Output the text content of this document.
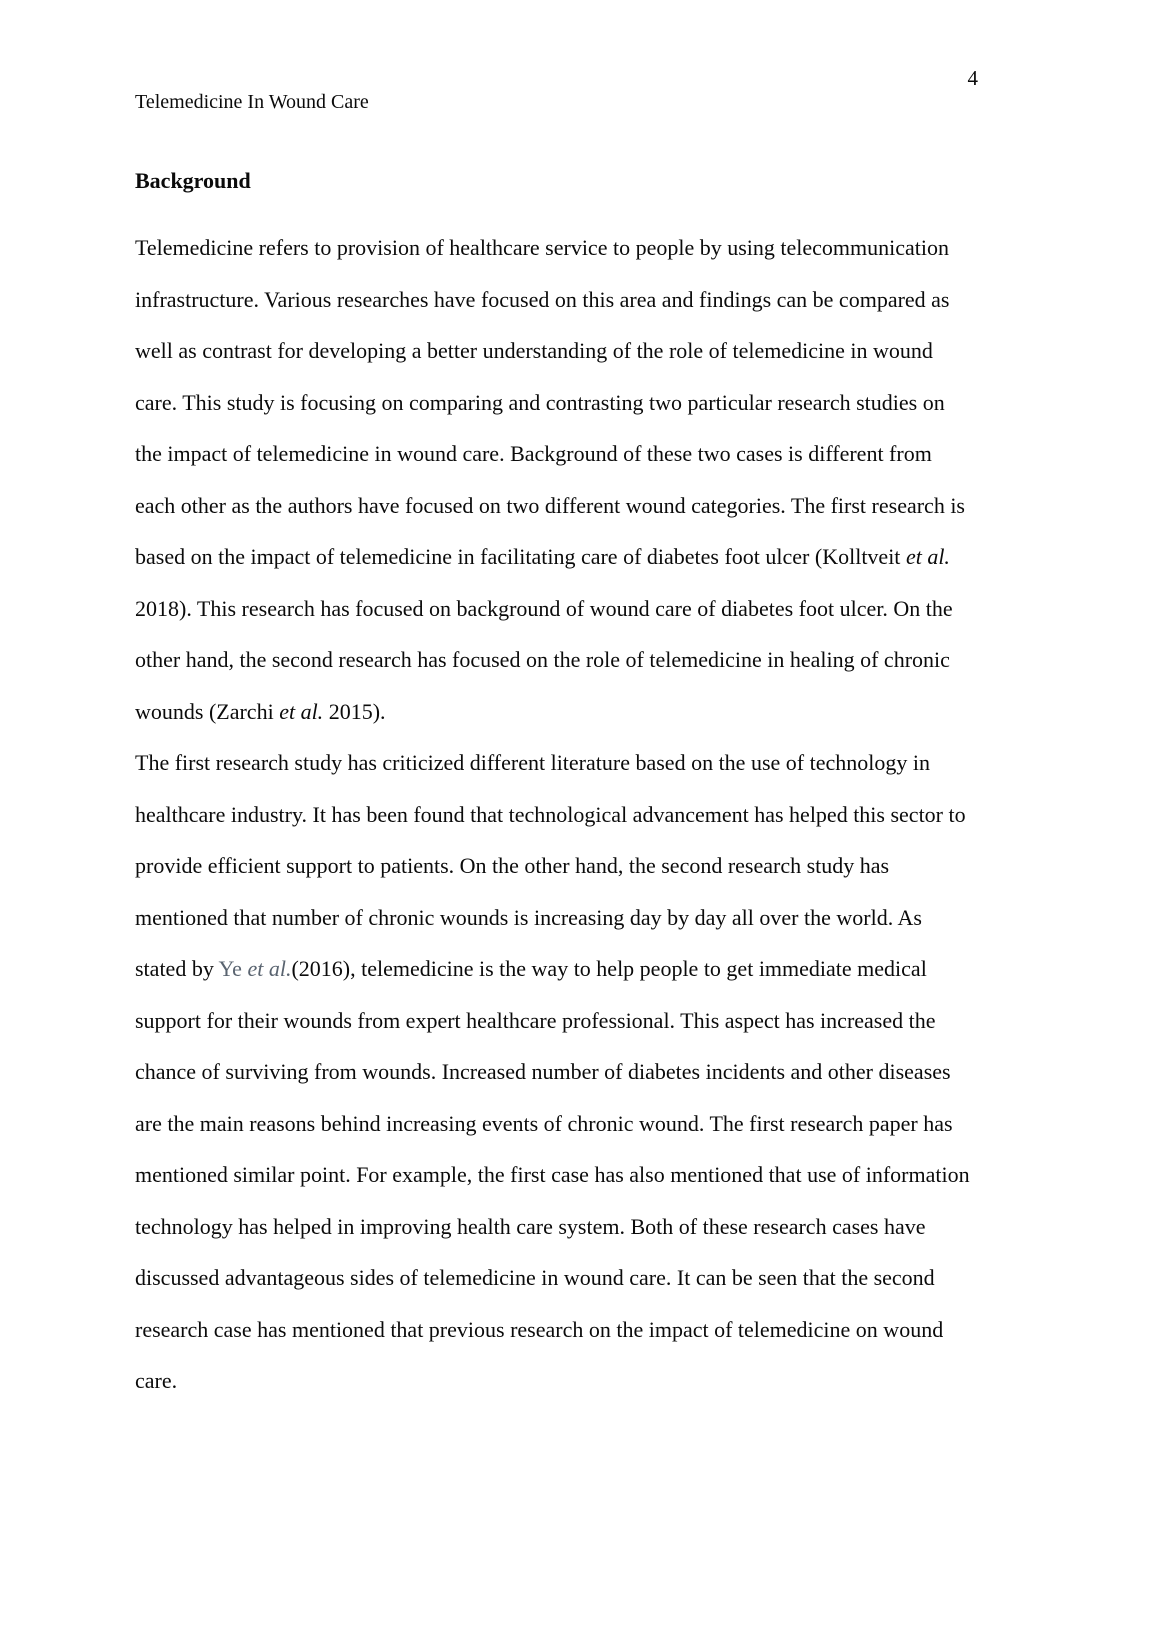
4
Telemedicine In Wound Care
Background

Telemedicine refers to provision of healthcare service to people by using telecommunication infrastructure. Various researches have focused on this area and findings can be compared as well as contrast for developing a better understanding of the role of telemedicine in wound care. This study is focusing on comparing and contrasting two particular research studies on the impact of telemedicine in wound care. Background of these two cases is different from each other as the authors have focused on two different wound categories. The first research is based on the impact of telemedicine in facilitating care of diabetes foot ulcer (Kolltveit et al. 2018). This research has focused on background of wound care of diabetes foot ulcer. On the other hand, the second research has focused on the role of telemedicine in healing of chronic wounds (Zarchi et al. 2015).

The first research study has criticized different literature based on the use of technology in healthcare industry. It has been found that technological advancement has helped this sector to provide efficient support to patients. On the other hand, the second research study has mentioned that number of chronic wounds is increasing day by day all over the world. As stated by Ye et al.(2016), telemedicine is the way to help people to get immediate medical support for their wounds from expert healthcare professional. This aspect has increased the chance of surviving from wounds. Increased number of diabetes incidents and other diseases are the main reasons behind increasing events of chronic wound. The first research paper has mentioned similar point. For example, the first case has also mentioned that use of information technology has helped in improving health care system. Both of these research cases have discussed advantageous sides of telemedicine in wound care. It can be seen that the second research case has mentioned that previous research on the impact of telemedicine on wound care.
